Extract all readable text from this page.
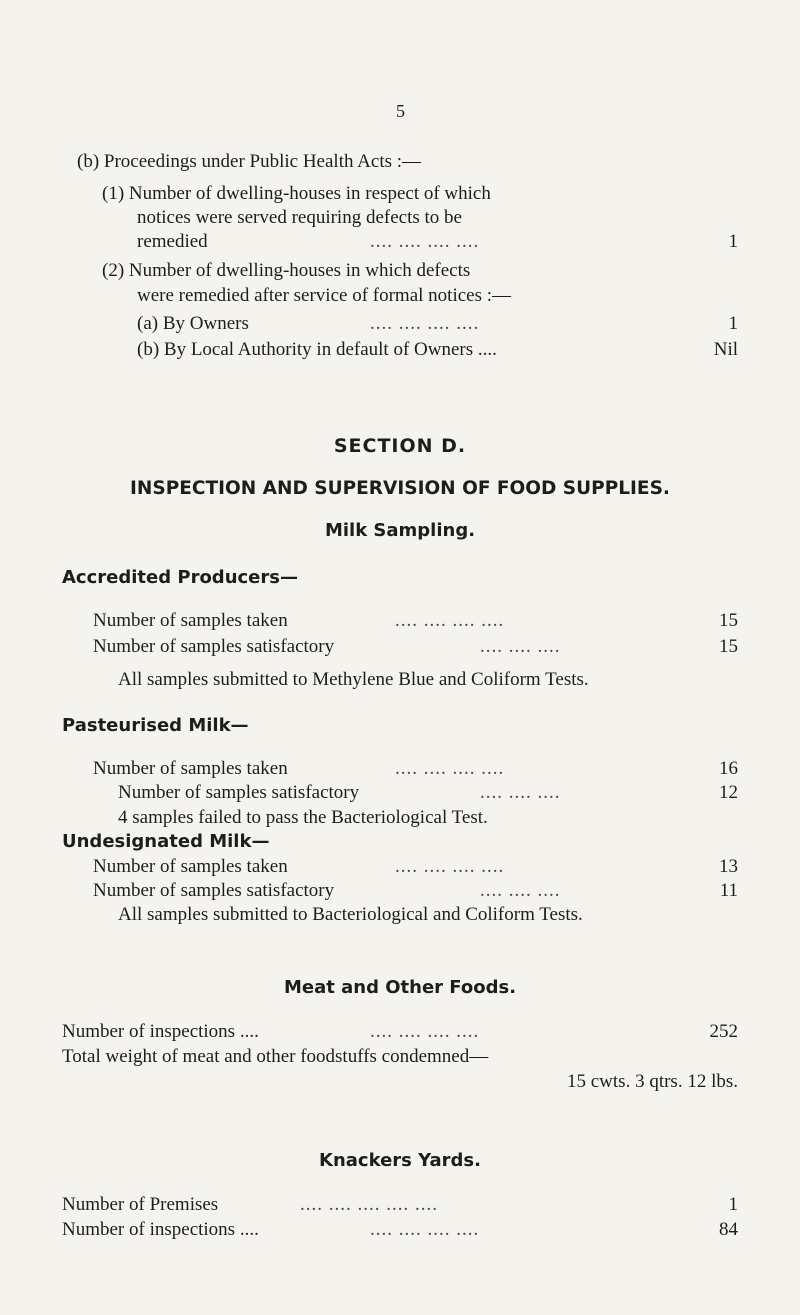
5
(b) Proceedings under Public Health Acts :—
(1) Number of dwelling-houses in respect of which
notices were served requiring defects to be
remedied	.... .... .... ....	1
(2) Number of dwelling-houses in which defects
were remedied after service of formal notices :—
(a) By Owners	.... .... .... ....	1
(b) By Local Authority in default of Owners ....	Nil
SECTION D.
INSPECTION AND SUPERVISION OF FOOD SUPPLIES.
Milk Sampling.
Accredited Producers—
Number of samples taken	.... .... .... ....	15
Number of samples satisfactory	.... .... ....	15
All samples submitted to Methylene Blue and Coliform Tests.
Pasteurised Milk—
Number of samples taken	.... .... .... ....	16
Number of samples satisfactory	.... .... ....	12
4 samples failed to pass the Bacteriological Test.
Undesignated Milk—
Number of samples taken	.... .... .... ....	13
Number of samples satisfactory	.... .... ....	11
All samples submitted to Bacteriological and Coliform Tests.
Meat and Other Foods.
Number of inspections ....	.... .... .... ....	252
Total weight of meat and other foodstuffs condemned—
15 cwts. 3 qtrs. 12 lbs.
Knackers Yards.
Number of Premises	.... .... .... .... ....	1
Number of inspections ....	.... .... .... ....	84
